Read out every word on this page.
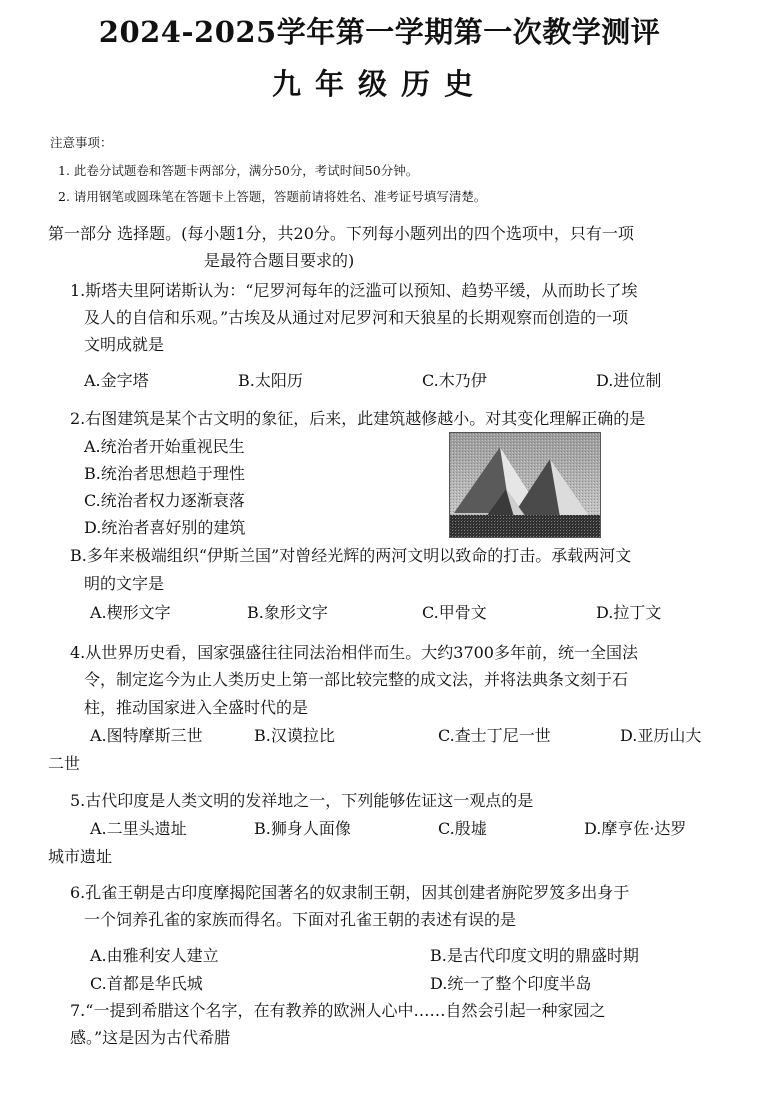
2024-2025学年第一学期第一次教学测评
九年级历史
注意事项：
1. 此卷分试题卷和答题卡两部分，满分50分，考试时间50分钟。
2. 请用钢笔或圆珠笔在答题卡上答题，答题前请将姓名、准考证号填写清楚。
第一部分 选择题。(每小题1分，共20分。下列每小题列出的四个选项中，只有一项
是最符合题目要求的)
1.斯塔夫里阿诺斯认为：“尼罗河每年的泛滥可以预知、趋势平缓，从而助长了埃
及人的自信和乐观。”古埃及从通过对尼罗河和天狼星的长期观察而创造的一项
文明成就是
A.金字塔	B.太阳历	C.木乃伊	D.进位制
2.右图建筑是某个古文明的象征，后来，此建筑越修越小。对其变化理解正确的是
A.统治者开始重视民生
B.统治者思想趋于理性
C.统治者权力逐渐衰落
D.统治者喜好别的建筑
B.多年来极端组织“伊斯兰国”对曾经光辉的两河文明以致命的打击。承载两河文
明的文字是
A.楔形文字	B.象形文字	C.甲骨文	D.拉丁文
4.从世界历史看，国家强盛往往同法治相伴而生。大约3700多年前，统一全国法
令，制定迄今为止人类历史上第一部比较完整的成文法，并将法典条文刻于石
柱，推动国家进入全盛时代的是
A.图特摩斯三世	B.汉谟拉比	C.查士丁尼一世	D.亚历山大
二世
5.古代印度是人类文明的发祥地之一，下列能够佐证这一观点的是
A.二里头遗址	B.狮身人面像	C.殷墟	D.摩亨佐·达罗
城市遗址
6.孔雀王朝是古印度摩揭陀国著名的奴隶制王朝，因其创建者旃陀罗笈多出身于
一个饲养孔雀的家族而得名。下面对孔雀王朝的表述有误的是
A.由雅利安人建立	B.是古代印度文明的鼎盛时期
C.首都是华氏城	D.统一了整个印度半岛
7.“一提到希腊这个名字，在有教养的欧洲人心中……自然会引起一种家园之
感。”这是因为古代希腊
